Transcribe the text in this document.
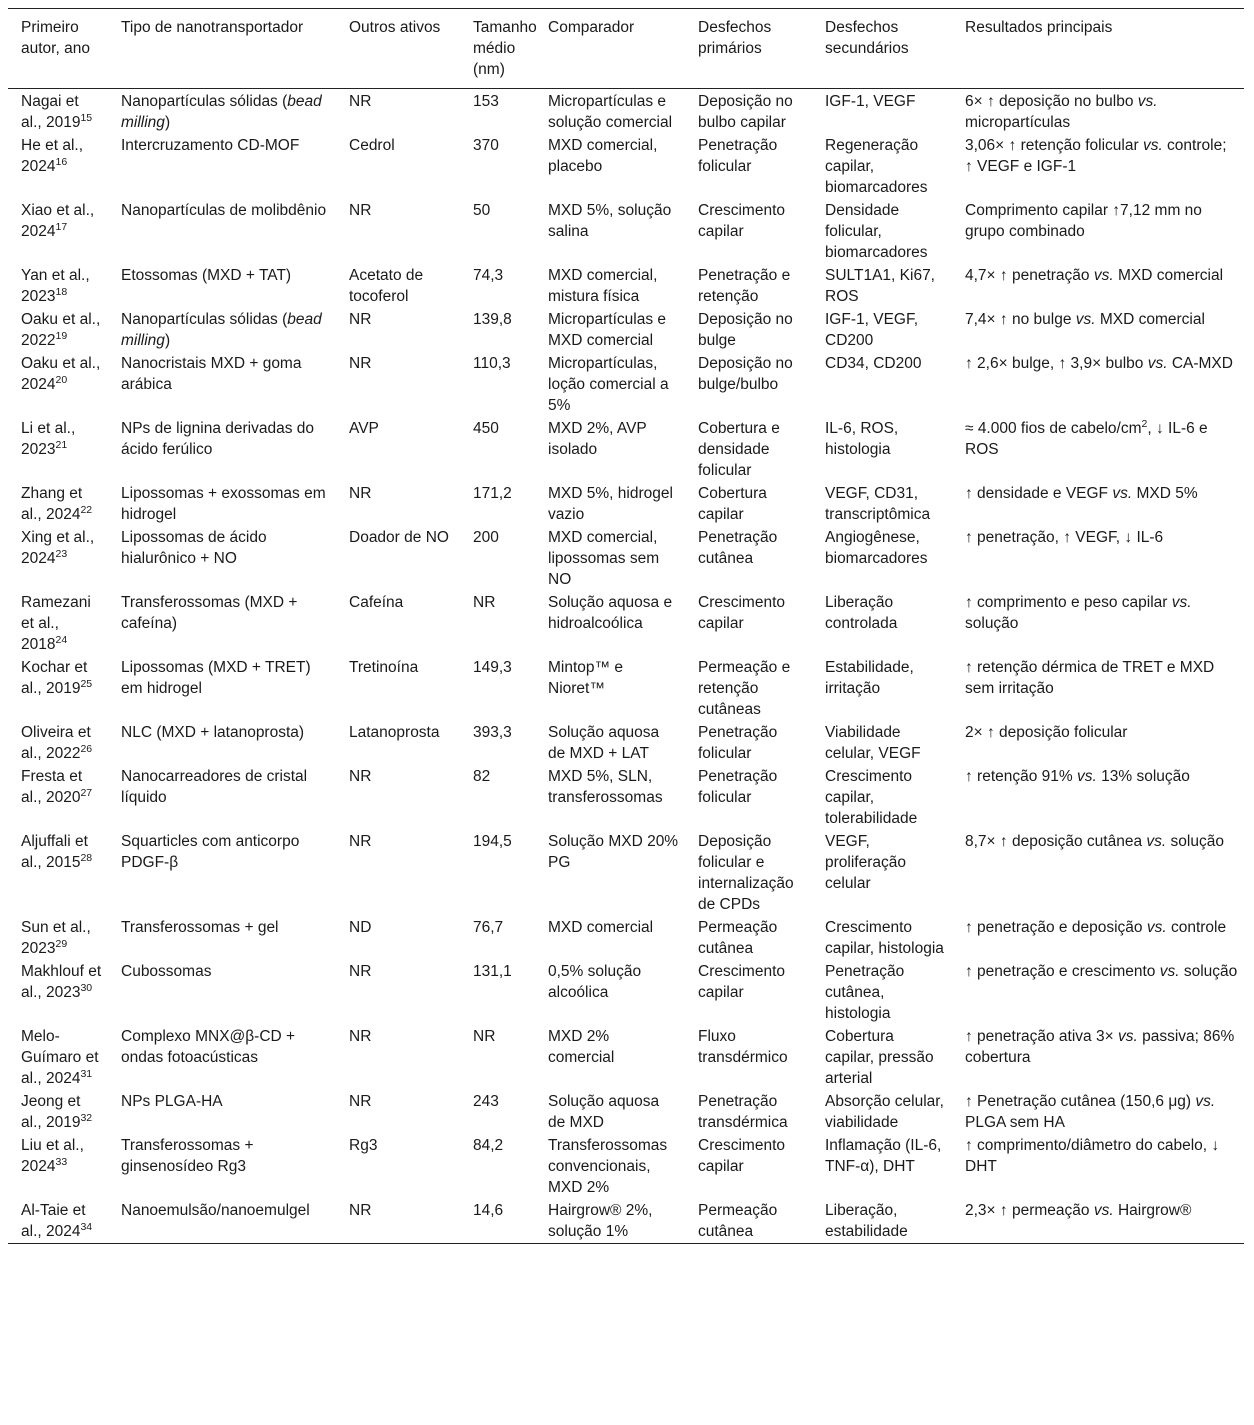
Primeiro autor, ano	Tipo de nanotransportador	Outros ativos	Tamanho médio (nm)	Comparador	Desfechos primários	Desfechos secundários	Resultados principais
Nagai et al., 2019$^{15}$	Nanopartículas sólidas (bead milling)	NR	153	Micropartículas e solução comercial	Deposição no bulbo capilar	IGF-1, VEGF	6× ↑ deposição no bulbo vs. micropartículas
He et al., 2024$^{16}$	Intercruzamento CD-MOF	Cedrol	370	MXD comercial, placebo	Penetração folicular	Regeneração capilar, biomarcadores	3,06× ↑ retenção folicular vs. controle; ↑ VEGF e IGF-1
Xiao et al., 2024$^{17}$	Nanopartículas de molibdênio	NR	50	MXD 5%, solução salina	Crescimento capilar	Densidade folicular, biomarcadores	Comprimento capilar ↑7,12 mm no grupo combinado
Yan et al., 2023$^{18}$	Etossomas (MXD + TAT)	Acetato de tocoferol	74,3	MXD comercial, mistura física	Penetração e retenção	SULT1A1, Ki67, ROS	4,7× ↑ penetração vs. MXD comercial
Oaku et al., 2022$^{19}$	Nanopartículas sólidas (bead milling)	NR	139,8	Micropartículas e MXD comercial	Deposição no bulge	IGF-1, VEGF, CD200	7,4× ↑ no bulge vs. MXD comercial
Oaku et al., 2024$^{20}$	Nanocristais MXD + goma arábica	NR	110,3	Micropartículas, loção comercial a 5%	Deposição no bulge/bulbo	CD34, CD200	↑ 2,6× bulge, ↑ 3,9× bulbo vs. CA-MXD
Li et al., 2023$^{21}$	NPs de lignina derivadas do ácido ferúlico	AVP	450	MXD 2%, AVP isolado	Cobertura e densidade folicular	IL-6, ROS, histologia	≈ 4.000 fios de cabelo/$cm^2$, ↓ IL-6 e ROS
Zhang et al., 2024$^{22}$	Lipossomas + exossomas em hidrogel	NR	171,2	MXD 5%, hidrogel vazio	Cobertura capilar	VEGF, CD31, transcriptômica	↑ densidade e VEGF vs. MXD 5%
Xing et al., 2024$^{23}$	Lipossomas de ácido hialurônico + NO	Doador de NO	200	MXD comercial, lipossomas sem NO	Penetração cutânea	Angiogênese, biomarcadores	↑ penetração, ↑ VEGF, ↓ IL-6
Ramezani et al., 2018$^{24}$	Transferossomas (MXD + cafeína)	Cafeína	NR	Solução aquosa e hidroalcoólica	Crescimento capilar	Liberação controlada	↑ comprimento e peso capilar vs. solução
Kochar et al., 2019$^{25}$	Lipossomas (MXD + TRET) em hidrogel	Tretinoína	149,3	Mintop™ e Nioret™	Permeação e retenção cutâneas	Estabilidade, irritação	↑ retenção dérmica de TRET e MXD sem irritação
Oliveira et al., 2022$^{26}$	NLC (MXD + latanoprosta)	Latanoprosta	393,3	Solução aquosa de MXD + LAT	Penetração folicular	Viabilidade celular, VEGF	2× ↑ deposição folicular
Fresta et al., 2020$^{27}$	Nanocarreadores de cristal líquido	NR	82	MXD 5%, SLN, transferossomas	Penetração folicular	Crescimento capilar, tolerabilidade	↑ retenção 91% vs. 13% solução
Aljuffali et al., 2015$^{28}$	Squarticles com anticorpo PDGF-β	NR	194,5	Solução MXD 20% PG	Deposição folicular e internalização de CPDs	VEGF, proliferação celular	8,7× ↑ deposição cutânea vs. solução
Sun et al., 2023$^{29}$	Transferossomas + gel	ND	76,7	MXD comercial	Permeação cutânea	Crescimento capilar, histologia	↑ penetração e deposição vs. controle
Makhlouf et al., 2023$^{30}$	Cubossomas	NR	131,1	0,5% solução alcoólica	Crescimento capilar	Penetração cutânea, histologia	↑ penetração e crescimento vs. solução
Melo-Guímaro et al., 2024$^{31}$	Complexo MNX@β-CD + ondas fotoacústicas	NR	NR	MXD 2% comercial	Fluxo transdérmico	Cobertura capilar, pressão arterial	↑ penetração ativa 3× vs. passiva; 86% cobertura
Jeong et al., 2019$^{32}$	NPs PLGA-HA	NR	243	Solução aquosa de MXD	Penetração transdérmica	Absorção celular, viabilidade	↑ Penetração cutânea (150,6 μg) vs. PLGA sem HA
Liu et al., 2024$^{33}$	Transferossomas + ginsenosídeo Rg3	Rg3	84,2	Transferossomas convencionais, MXD 2%	Crescimento capilar	Inflamação (IL-6, TNF-α), DHT	↑ comprimento/diâmetro do cabelo, ↓ DHT
Al-Taie et al., 2024$^{34}$	Nanoemulsão/nanoemulgel	NR	14,6	Hairgrow® 2%, solução 1%	Permeação cutânea	Liberação, estabilidade	2,3× ↑ permeação vs. Hairgrow®
